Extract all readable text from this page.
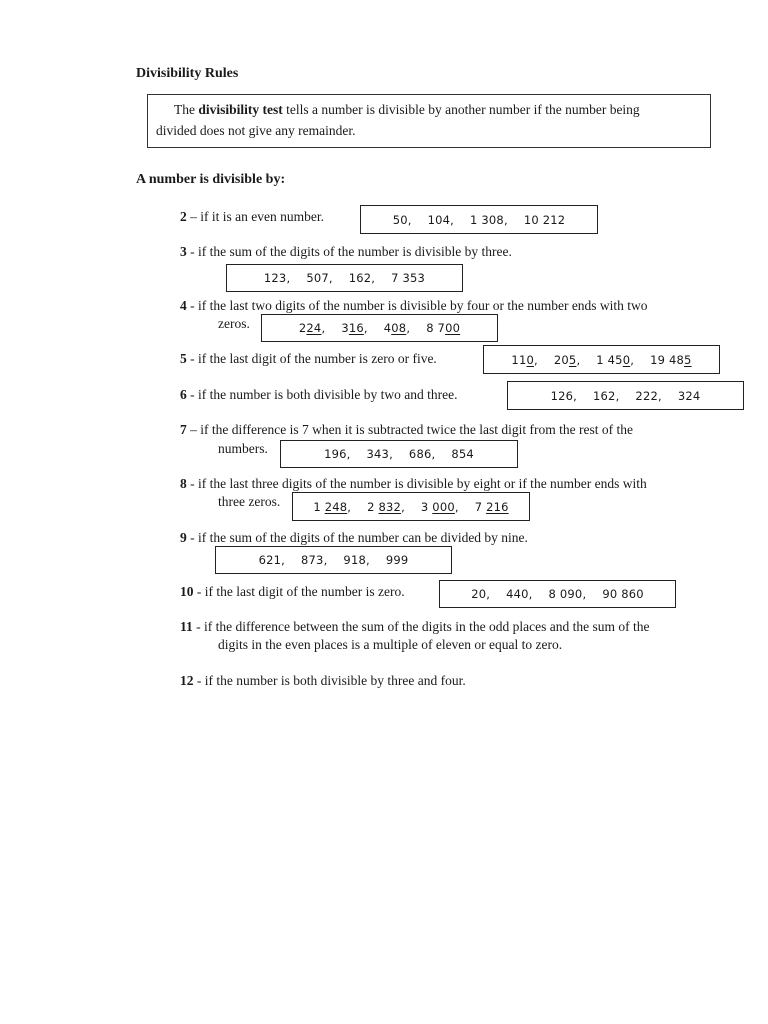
Divisibility Rules
The divisibility test tells a number is divisible by another number if the number being
divided does not give any remainder.
A number is divisible by:
2 – if it is an even number.	50 , 104 , 1 308 , 10 212
3 - if the sum of the digits of the number is divisible by three.
123 , 507 , 162 , 7 353
4 - if the last two digits of the number is divisible by four or the number ends with two
zeros.	224 , 316 , 408 , 8 700
5 - if the last digit of the number is zero or five.	110 , 205 , 1 450 , 19 485
6 - if the number is both divisible by two and three.	126 , 162 , 222 , 324
7 – if the difference is 7 when it is subtracted twice the last digit from the rest of the
numbers.	196 , 343 , 686 , 854
8 - if the last three digits of the number is divisible by eight or if the number ends with
three zeros.	1 248 , 2 832 , 3 000 , 7 216
9 - if the sum of the digits of the number can be divided by nine.
621 , 873 , 918 , 999
10 - if the last digit of the number is zero.	20 , 440 , 8 090 , 90 860
11 - if the difference between the sum of the digits in the odd places and the sum of the
digits in the even places is a multiple of eleven or equal to zero.
12 - if the number is both divisible by three and four.
